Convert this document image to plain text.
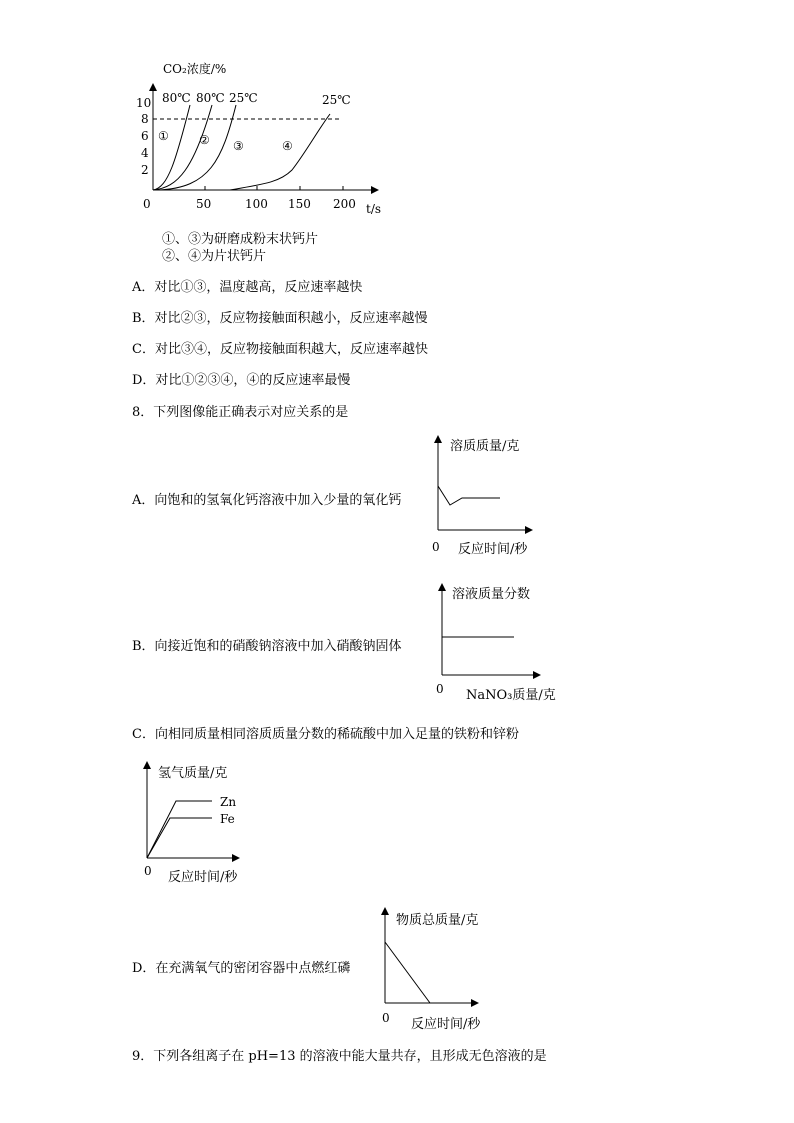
CO₂浓度/%
10
8
6
4
2
0	50	100 150 200 t/s
80℃ 80℃ 25℃	25℃
①	② ③	④
①、③为研磨成粉末状钙片
②、④为片状钙片
A．对比①③，温度越高，反应速率越快
B．对比②③，反应物接触面积越小，反应速率越慢
C．对比③④，反应物接触面积越大，反应速率越快
D．对比①②③④，④的反应速率最慢
8．下列图像能正确表示对应关系的是
溶质质量/克
A．向饱和的氢氧化钙溶液中加入少量的氧化钙
0 反应时间/秒
溶液质量分数
B．向接近饱和的硝酸钠溶液中加入硝酸钠固体
0 NaNO₃质量/克
C．向相同质量相同溶质质量分数的稀硫酸中加入足量的铁粉和锌粉
氢气质量/克
Zn
Fe
0 反应时间/秒
物质总质量/克
D．在充满氧气的密闭容器中点燃红磷
0 反应时间/秒
9．下列各组离子在 pH=13 的溶液中能大量共存，且形成无色溶液的是
